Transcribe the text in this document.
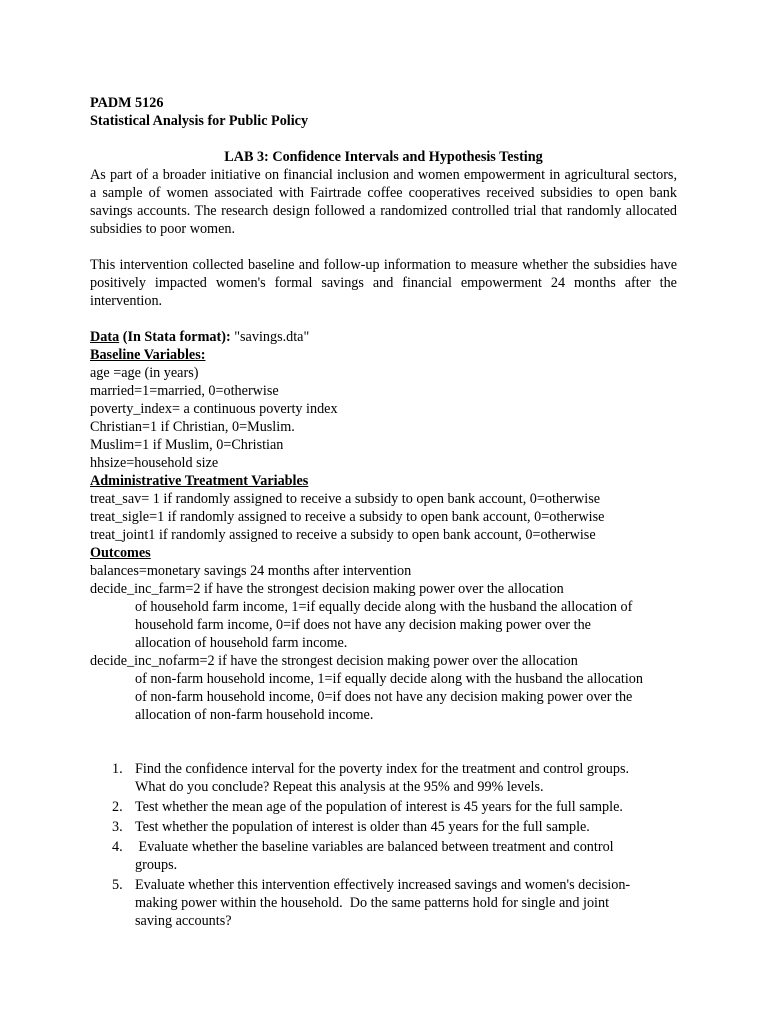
PADM 5126
Statistical Analysis for Public Policy
LAB 3: Confidence Intervals and Hypothesis Testing
As part of a broader initiative on financial inclusion and women empowerment in agricultural sectors, a sample of women associated with Fairtrade coffee cooperatives received subsidies to open bank savings accounts. The research design followed a randomized controlled trial that randomly allocated subsidies to poor women.
This intervention collected baseline and follow-up information to measure whether the subsidies have positively impacted women's formal savings and financial empowerment 24 months after the intervention.
Data (In Stata format): "savings.dta"
Baseline Variables:
age =age (in years)
married=1=married, 0=otherwise
poverty_index= a continuous poverty index
Christian=1 if Christian, 0=Muslim.
Muslim=1 if Muslim, 0=Christian
hhsize=household size
Administrative Treatment Variables
treat_sav= 1 if randomly assigned to receive a subsidy to open bank account, 0=otherwise
treat_sigle=1 if randomly assigned to receive a subsidy to open bank account, 0=otherwise
treat_joint1 if randomly assigned to receive a subsidy to open bank account, 0=otherwise
Outcomes
balances=monetary savings 24 months after intervention
decide_inc_farm=2 if have the strongest decision making power over the allocation
of household farm income, 1=if equally decide along with the husband the allocation of
household farm income, 0=if does not have any decision making power over the
allocation of household farm income.
decide_inc_nofarm=2 if have the strongest decision making power over the allocation
of non-farm household income, 1=if equally decide along with the husband the allocation
of non-farm household income, 0=if does not have any decision making power over the
allocation of non-farm household income.
1. Find the confidence interval for the poverty index for the treatment and control groups.
What do you conclude? Repeat this analysis at the 95% and 99% levels.
2. Test whether the mean age of the population of interest is 45 years for the full sample.
3. Test whether the population of interest is older than 45 years for the full sample.
4. Evaluate whether the baseline variables are balanced between treatment and control
groups.
5. Evaluate whether this intervention effectively increased savings and women's decision-
making power within the household.  Do the same patterns hold for single and joint
saving accounts?
